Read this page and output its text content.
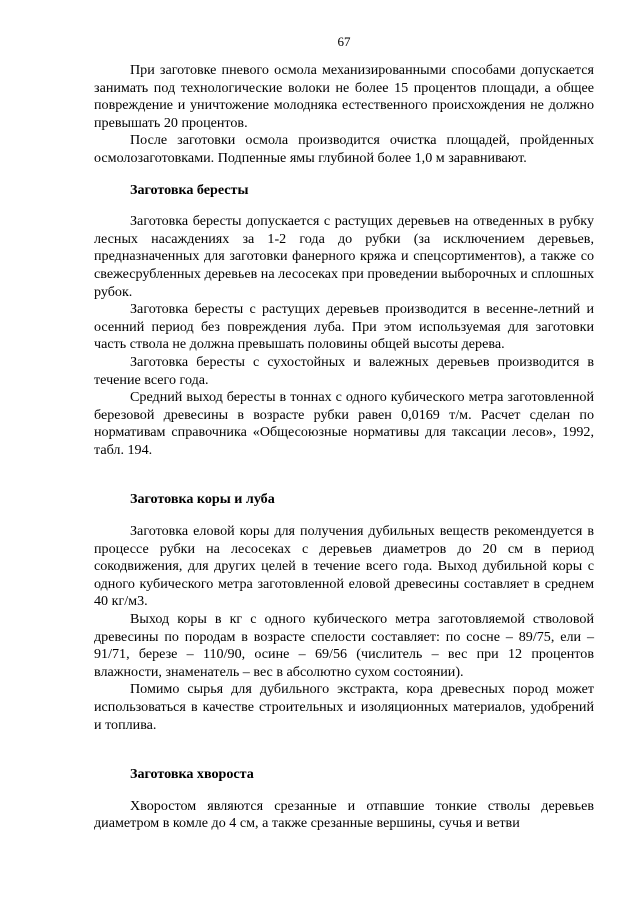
67

При заготовке пневого осмола механизированными способами допускается занимать под технологические волоки не более 15 процентов площади, а общее повреждение и уничтожение молодняка естественного происхождения не должно превышать 20 процентов.

После заготовки осмола производится очистка площадей, пройденных осмолозаготовками. Подпенные ямы глубиной более 1,0 м заравнивают.

Заготовка бересты

Заготовка бересты допускается с растущих деревьев на отведенных в рубку лесных насаждениях за 1-2 года до рубки (за исключением деревьев, предназначенных для заготовки фанерного кряжа и спецсортиментов), а также со свежесрубленных деревьев на лесосеках при проведении выборочных и сплошных рубок.

Заготовка бересты с растущих деревьев производится в весенне-летний и осенний период без повреждения луба. При этом используемая для заготовки часть ствола не должна превышать половины общей высоты дерева.

Заготовка бересты с сухостойных и валежных деревьев производится в течение всего года.

Средний выход бересты в тоннах с одного кубического метра заготовленной березовой древесины в возрасте рубки равен 0,0169 т/м. Расчет сделан по нормативам справочника «Общесоюзные нормативы для таксации лесов», 1992, табл. 194.

Заготовка коры и луба

Заготовка еловой коры для получения дубильных веществ рекомендуется в процессе рубки на лесосеках с деревьев диаметров до 20 см в период сокодвижения, для других целей в течение всего года. Выход дубильной коры с одного кубического метра заготовленной еловой древесины составляет в среднем 40 кг/м3.

Выход коры в кг с одного кубического метра заготовляемой стволовой древесины по породам в возрасте спелости составляет: по сосне – 89/75, ели – 91/71, березе – 110/90, осине – 69/56 (числитель – вес при 12 процентов влажности, знаменатель – вес в абсолютно сухом состоянии).

Помимо сырья для дубильного экстракта, кора древесных пород может использоваться в качестве строительных и изоляционных материалов, удобрений и топлива.

Заготовка хвороста

Хворостом являются срезанные и отпавшие тонкие стволы деревьев диаметром в комле до 4 см, а также срезанные вершины, сучья и ветви
